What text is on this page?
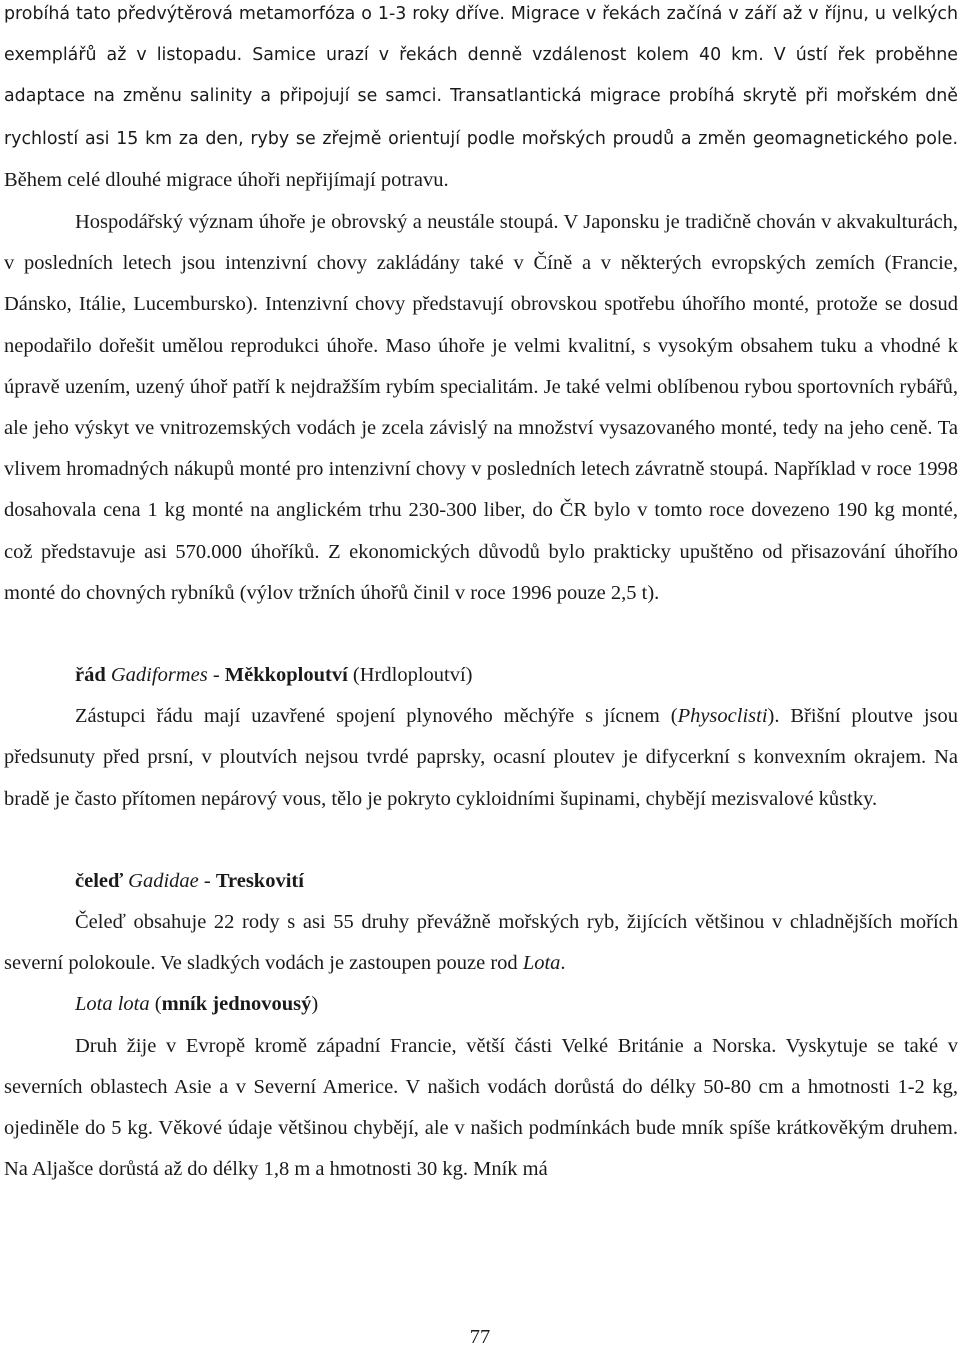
probíhá tato předvýtěrová metamorfóza o 1-3 roky dříve. Migrace v řekách začíná v září až v říjnu, u velkých exemplářů až v listopadu. Samice urazí v řekách denně vzdálenost kolem 40 km. V ústí řek proběhne adaptace na změnu salinity a připojují se samci. Transatlantická migrace probíhá skrytě při mořském dně rychlostí asi 15 km za den, ryby se zřejmě orientují podle mořských proudů a změn geomagnetického pole. Během celé dlouhé migrace úhoři nepřijímají potravu.

Hospodářský význam úhoře je obrovský a neustále stoupá. V Japonsku je tradičně chován v akvakulturách, v posledních letech jsou intenzivní chovy zakládány také v Číně a v některých evropských zemích (Francie, Dánsko, Itálie, Lucembursko). Intenzivní chovy představují obrovskou spotřebu úhořího monté, protože se dosud nepodařilo dořešit umělou reprodukci úhoře. Maso úhoře je velmi kvalitní, s vysokým obsahem tuku a vhodné k úpravě uzením, uzený úhoř patří k nejdražším rybím specialitám. Je také velmi oblíbenou rybou sportovních rybářů, ale jeho výskyt ve vnitrozemských vodách je zcela závislý na množství vysazovaného monté, tedy na jeho ceně. Ta vlivem hromadných nákupů monté pro intenzivní chovy v posledních letech závratně stoupá. Například v roce 1998 dosahovala cena 1 kg monté na anglickém trhu 230-300 liber, do ČR bylo v tomto roce dovezeno 190 kg monté, což představuje asi 570.000 úhoříků. Z ekonomických důvodů bylo prakticky upuštěno od přisazování úhořího monté do chovných rybníků (výlov tržních úhořů činil v roce 1996 pouze 2,5 t).

řád Gadiformes - Měkkoploutví (Hrdloploutví)

Zástupci řádu mají uzavřené spojení plynového měchýře s jícnem (Physoclisti). Břišní ploutve jsou předsunuty před prsní, v ploutvích nejsou tvrdé paprsky, ocasní ploutev je difycerkní s konvexním okrajem. Na bradě je často přítomen nepárový vous, tělo je pokryto cykloidními šupinami, chybějí mezisvalové kůstky.

čeleď Gadidae - Treskovití

Čeleď obsahuje 22 rody s asi 55 druhy převážně mořských ryb, žijících většinou v chladnějších mořích severní polokoule. Ve sladkých vodách je zastoupen pouze rod Lota.

Lota lota (mník jednovousý)

Druh žije v Evropě kromě západní Francie, větší části Velké Británie a Norska. Vyskytuje se také v severních oblastech Asie a v Severní Americe. V našich vodách dorůstá do délky 50-80 cm a hmotnosti 1-2 kg, ojediněle do 5 kg. Věkové údaje většinou chybějí, ale v našich podmínkách bude mník spíše krátkověkým druhem. Na Aljašce dorůstá až do délky 1,8 m a hmotnosti 30 kg. Mník má

77
